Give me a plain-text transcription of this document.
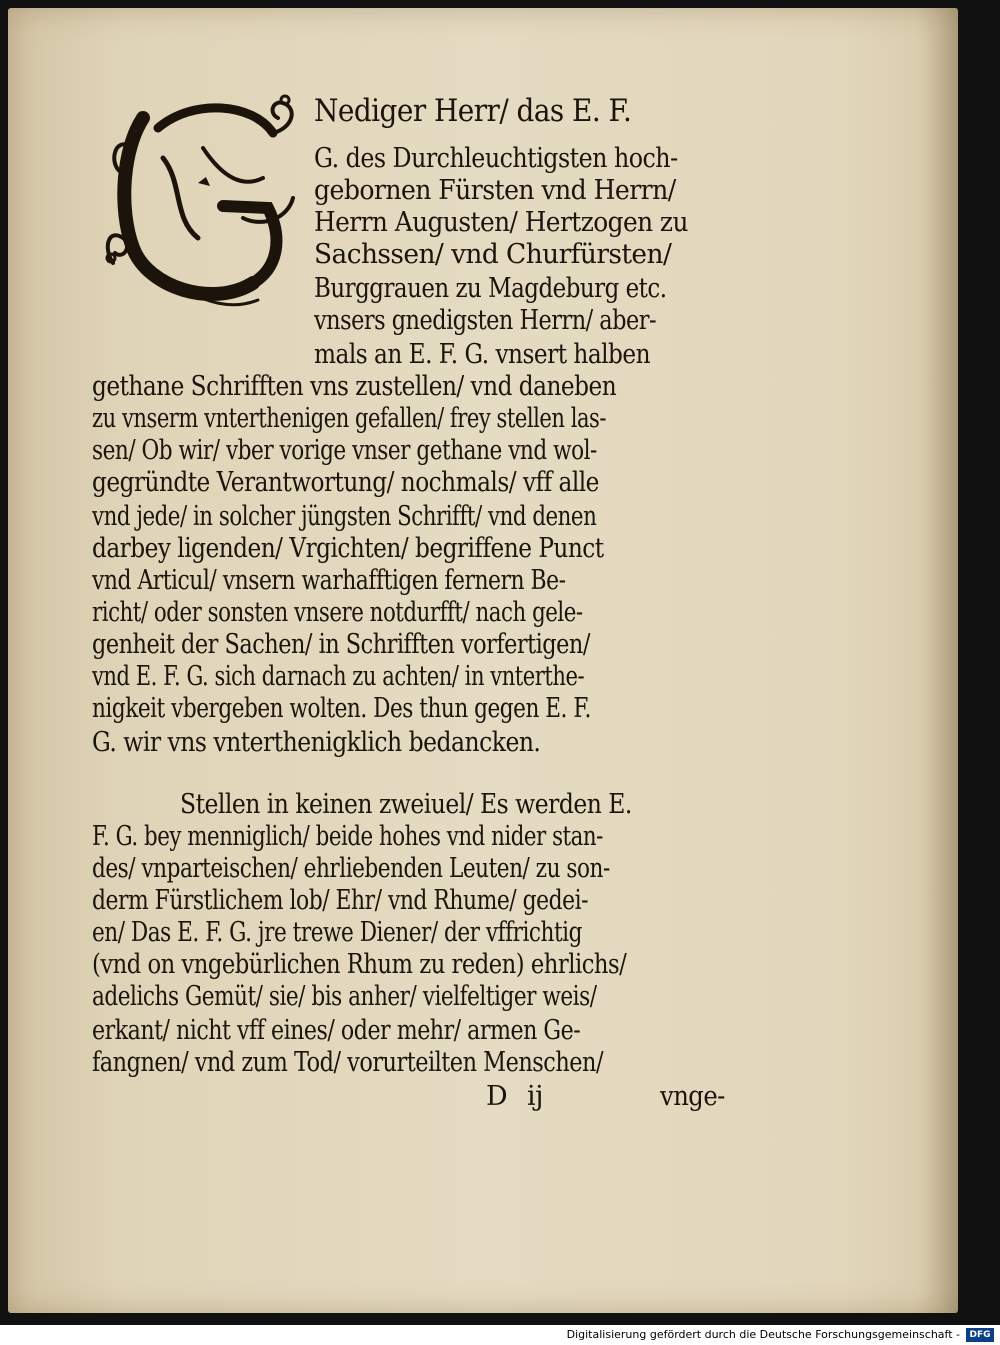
Nediger Herr/ das E. F.
G. des Durchleuchtigsten hoch-
gebornen Fürsten vnd Herrn/
Herrn Augusten/ Hertzogen zu
Sachssen/ vnd Churfürsten/
Burggrauen zu Magdeburg etc.
vnsers gnedigsten Herrn/ aber-
mals an E. F. G. vnsert halben
gethane Schrifften vns zustellen/ vnd daneben
zu vnserm vnterthenigen gefallen/ frey stellen las-
sen/ Ob wir/ vber vorige vnser gethane vnd wol-
gegründte Verantwortung/ nochmals/ vff alle
vnd jede/ in solcher jüngsten Schrifft/ vnd denen
darbey ligenden/ Vrgichten/ begriffene Punct
vnd Articul/ vnsern warhafftigen fernern Be-
richt/ oder sonsten vnsere notdurfft/ nach gele-
genheit der Sachen/ in Schrifften vorfertigen/
vnd E. F. G. sich darnach zu achten/ in vnterthe-
nigkeit vbergeben wolten. Des thun gegen E. F.
G. wir vns vnterthenigklich bedancken.
Stellen in keinen zweiuel/ Es werden E.
F. G. bey menniglich/ beide hohes vnd nider stan-
des/ vnparteischen/ ehrliebenden Leuten/ zu son-
derm Fürstlichem lob/ Ehr/ vnd Rhume/ gedei-
en/ Das E. F. G. jre trewe Diener/ der vffrichtig
(vnd on vngebürlichen Rhum zu reden) ehrlichs/
adelichs Gemüt/ sie/ bis anher/ vielfeltiger weis/
erkant/ nicht vff eines/ oder mehr/ armen Ge-
fangnen/ vnd zum Tod/ vorurteilten Menschen/
D ij	vnge-
Digitalisierung gefördert durch die Deutsche Forschungsgemeinschaft -	DFG
